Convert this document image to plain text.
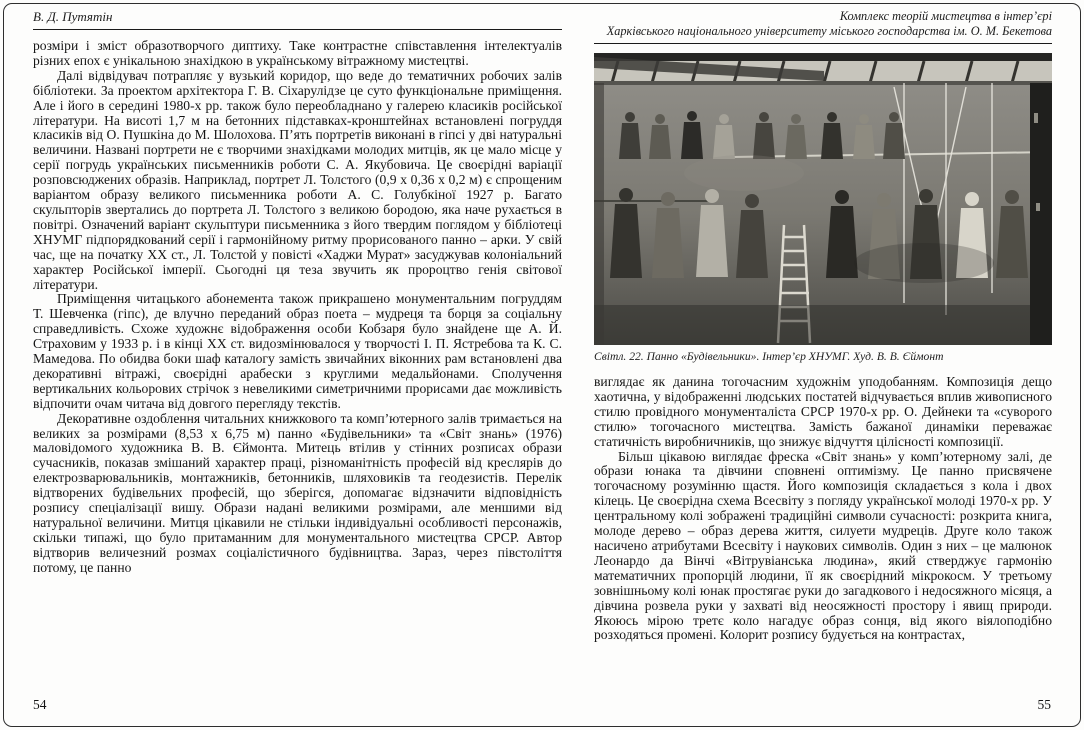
В. Д. Путятін

розміри і зміст образотворчого диптиху. Таке контрастне співставлення інтелектуалів різних епох є унікальною знахідкою в українському вітражному мистецтві.

Далі відвідувач потрапляє у вузький коридор, що веде до тематичних робочих залів бібліотеки. За проектом архітектора Г. В. Сіхарулідзе це суто функціональне приміщення. Але і його в середині 1980-х рр. також було переобладнано у галерею класиків російської літератури. На висоті 1,7 м на бетонних підставках-кронштейнах встановлені погруддя класиків від О. Пушкіна до М. Шолохова. П’ять портретів виконані в гіпсі у дві натуральні величини. Названі портрети не є творчими знахідками молодих митців, як це мало місце у серії погрудь українських письменників роботи С. А. Якубовича. Це своєрідні варіації розповсюджених образів. Наприклад, портрет Л. Толстого (0,9 х 0,36 х 0,2 м) є спрощеним варіантом образу великого письменника роботи А. С. Голубкіної 1927 р. Багато скульпторів звертались до портрета Л. Толстого з великою бородою, яка наче рухається в повітрі. Означений варіант скульптури письменника з його твердим поглядом у бібліотеці ХНУМГ підпорядкований серії і гармонійному ритму прорисованого панно – арки. У свій час, ще на початку ХХ ст., Л. Толстой у повісті «Хаджи Мурат» засуджував колоніальний характер Російської імперії. Сьогодні ця теза звучить як пророцтво генія світової літератури.

Приміщення читацького абонемента також прикрашено монументальним погруддям Т. Шевченка (гіпс), де влучно переданий образ поета – мудреця та борця за соціальну справедливість. Схоже художнє відображення особи Кобзаря було знайдене ще А. Й. Страховим у 1933 р. і в кінці ХХ ст. видозмінювалося у творчості І. П. Ястребова та К. С. Мамедова. По обидва боки шаф каталогу замість звичайних віконних рам встановлені два декоративні вітражі, своєрідні арабески з круглими медальйонами. Сполучення вертикальних кольорових стрічок з невеликими симетричними прорисами дає можливість відпочити очам читача від довгого перегляду текстів.

Декоративне оздоблення читальних книжкового та комп’ютерного залів тримається на великих за розмірами (8,53 х 6,75 м) панно «Будівельники» та «Світ знань» (1976) маловідомого художника В. В. Єймонта. Митець втілив у стінних розписах образи сучасників, показав змішаний характер праці, різноманітність професій від креслярів до електрозварювальників, монтажників, бетонників, шляховиків та геодезистів. Перелік відтворених будівельних професій, що зберігся, допомагає відзначити відповідність розпису спеціалізації вишу. Образи надані великими розмірами, але меншими від натуральної величини. Митця цікавили не стільки індивідуальні особливості персонажів, скільки типажі, що було притаманним для монументального мистецтва СРСР. Автор відтворив величезний розмах соціалістичного будівництва. Зараз, через півстоліття потому, це панно

54
Комплекс теорій мистецтва в інтер’єрі
Харківського національного університету міського господарства ім. О. М. Бекетова
Світл. 22. Панно «Будівельники». Інтер’єр ХНУМГ. Худ. В. В. Єймонт

виглядає як данина тогочасним художнім уподобанням. Композиція дещо хаотична, у відображенні людських постатей відчувається вплив живописного стилю провідного монументаліста СРСР 1970-х рр. О. Дейнеки та «суворого стилю» тогочасного мистецтва. Замість бажаної динаміки переважає статичність виробничників, що знижує відчуття цілісності композиції.

Більш цікавою виглядає фреска «Світ знань» у комп’ютерному залі, де образи юнака та дівчини сповнені оптимізму. Це панно присвячене тогочасному розумінню щастя. Його композиція складається з кола і двох кілець. Це своєрідна схема Всесвіту з погляду української молоді 1970-х рр. У центральному колі зображені традиційні символи сучасності: розкрита книга, молоде дерево – образ дерева життя, силуети мудреців. Друге коло також насичено атрибутами Всесвіту і наукових символів. Один з них – це малюнок Леонардо да Вінчі «Вітрувіанська людина», який стверджує гармонію математичних пропорцій людини, її як своєрідний мікрокосм. У третьому зовнішньому колі юнак простягає руки до загадкового і недосяжного місяця, а дівчина розвела руки у захваті від неосяжності простору і явищ природи. Якоюсь мірою третє коло нагадує образ сонця, від якого віялоподібно розходяться промені. Колорит розпису будується на контрастах,

55
